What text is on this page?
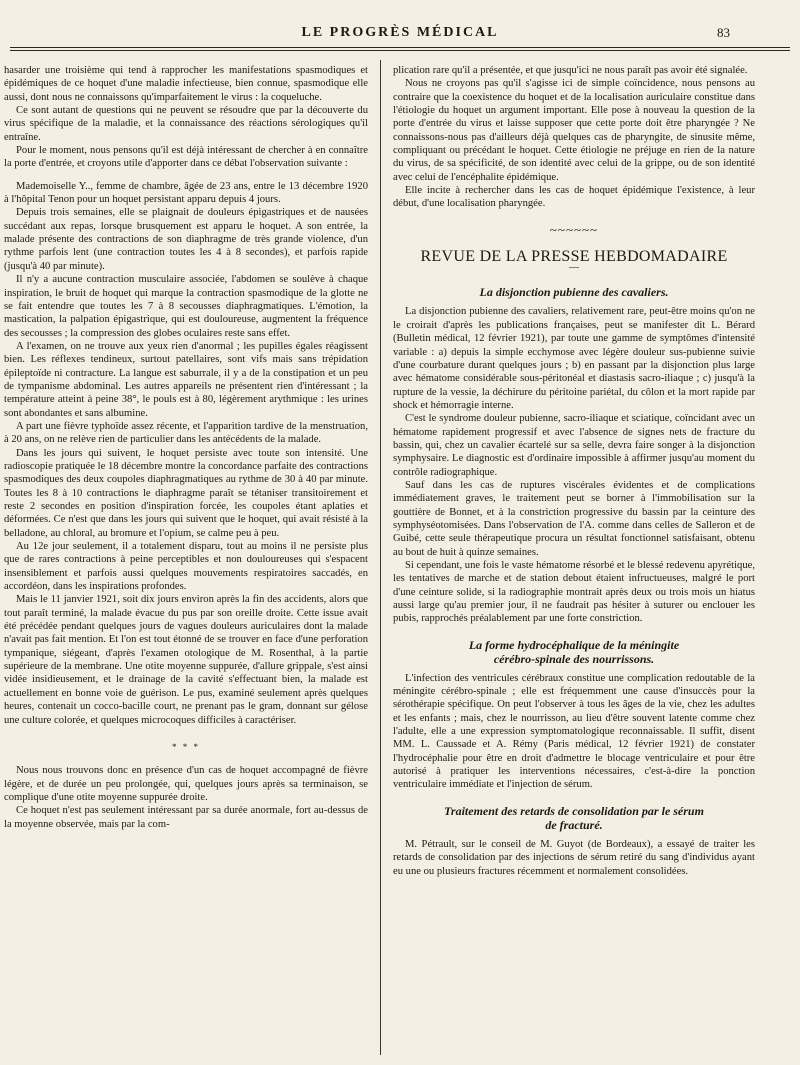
LE PROGRÈS MÉDICAL	83

hasarder une troisième qui tend à rapprocher les manifestations spasmodiques et épidémiques de ce hoquet d'une maladie infectieuse, bien connue, spasmodique elle aussi, dont nous ne connaissons qu'imparfaitement le virus : la coqueluche.

Ce sont autant de questions qui ne peuvent se résoudre que par la découverte du virus spécifique de la maladie, et la connaissance des réactions sérologiques qu'il entraîne.

Pour le moment, nous pensons qu'il est déjà intéressant de chercher à en connaître la porte d'entrée, et croyons utile d'apporter dans ce débat l'observation suivante :

Mademoiselle Y.., femme de chambre, âgée de 23 ans, entre le 13 décembre 1920 à l'hôpital Tenon pour un hoquet persistant apparu depuis 4 jours.

Depuis trois semaines, elle se plaignait de douleurs épigastriques et de nausées succédant aux repas, lorsque brusquement est apparu le hoquet. A son entrée, la malade présente des contractions de son diaphragme de très grande violence, d'un rythme parfois lent (une contraction toutes les 4 à 8 secondes), et parfois rapide (jusqu'à 40 par minute).

Il n'y a aucune contraction musculaire associée, l'abdomen se soulève à chaque inspiration, le bruit de hoquet qui marque la contraction spasmodique de la glotte ne se fait entendre que toutes les 7 à 8 secousses diaphragmatiques. L'émotion, la mastication, la palpation épigastrique, qui est douloureuse, augmentent la fréquence des secousses ; la compression des globes oculaires reste sans effet.

A l'examen, on ne trouve aux yeux rien d'anormal ; les pupilles égales réagissent bien. Les réflexes tendineux, surtout patellaires, sont vifs mais sans trépidation épileptoïde ni contracture. La langue est saburrale, il y a de la constipation et un peu de tympanisme abdominal. Les autres appareils ne présentent rien d'intéressant ; la température atteint à peine 38°, le pouls est à 80, légèrement arythmique : les urines sont abondantes et sans albumine.

A part une fièvre typhoïde assez récente, et l'apparition tardive de la menstruation, à 20 ans, on ne relève rien de particulier dans les antécédents de la malade.

Dans les jours qui suivent, le hoquet persiste avec toute son intensité. Une radioscopie pratiquée le 18 décembre montre la concordance parfaite des contractions spasmodiques des deux coupoles diaphragmatiques au rythme de 30 à 40 par minute. Toutes les 8 à 10 contractions le diaphragme paraît se tétaniser transitoirement et reste 2 secondes en position d'inspiration forcée, les coupoles étant aplaties et déformées. Ce n'est que dans les jours qui suivent que le hoquet, qui avait résisté à la belladone, au chloral, au bromure et l'opium, se calme peu à peu.

Au 12e jour seulement, il a totalement disparu, tout au moins il ne persiste plus que de rares contractions à peine perceptibles et non douloureuses qui s'espacent insensiblement et parfois aussi quelques mouvements respiratoires saccadés, en accordéon, dans les inspirations profondes.

Mais le 11 janvier 1921, soit dix jours environ après la fin des accidents, alors que tout paraît terminé, la malade évacue du pus par son oreille droite. Cette issue avait été précédée pendant quelques jours de vagues douleurs auriculaires dont la malade n'avait pas fait mention. Et l'on est tout étonné de se trouver en face d'une perforation tympanique, siégeant, d'après l'examen otologique de M. Rosenthal, à la partie supérieure de la membrane. Une otite moyenne suppurée, d'allure grippale, s'est ainsi vidée insidieusement, et le drainage de la cavité s'effectuant bien, la malade est actuellement en bonne voie de guérison. Le pus, examiné seulement après quelques heures, contenait un cocco-bacille court, ne prenant pas le gram, donnant sur gélose une culture colorée, et quelques microcoques difficiles à caractériser.

* * *

Nous nous trouvons donc en présence d'un cas de hoquet accompagné de fièvre légère, et de durée un peu prolongée, qui, quelques jours après sa terminaison, se complique d'une otite moyenne suppurée droite.

Ce hoquet n'est pas seulement intéressant par sa durée anormale, fort au-dessus de la moyenne observée, mais par la com-

plication rare qu'il a présentée, et que jusqu'ici ne nous paraît pas avoir été signalée.

Nous ne croyons pas qu'il s'agisse ici de simple coïncidence, nous pensons au contraire que la coexistence du hoquet et de la localisation auriculaire constitue dans l'étiologie du hoquet un argument important. Elle pose à nouveau la question de la porte d'entrée du virus et laisse supposer que cette porte doit être pharyngée ? Ne connaissons-nous pas d'ailleurs déjà quelques cas de pharyngite, de sinusite même, compliquant ou précédant le hoquet. Cette étiologie ne préjuge en rien de la nature du virus, de sa spécificité, de son identité avec celui de la grippe, ou de son identité avec celui de l'encéphalite épidémique.

Elle incite à rechercher dans les cas de hoquet épidémique l'existence, à leur début, d'une localisation pharyngée.

~~~~~~
REVUE DE LA PRESSE HEBDOMADAIRE
—
La disjonction pubienne des cavaliers.

La disjonction pubienne des cavaliers, relativement rare, peut-être moins qu'on ne le croirait d'après les publications françaises, peut se manifester dit L. Bérard (Bulletin médical, 12 février 1921), par toute une gamme de symptômes d'intensité variable : a) depuis la simple ecchymose avec légère douleur sus-pubienne suivie d'une courbature durant quelques jours ; b) en passant par la disjonction plus large avec hématome considérable sous-péritonéal et diastasis sacro-iliaque ; c) jusqu'à la rupture de la vessie, la déchirure du péritoine pariétal, du côlon et la mort rapide par shock et hémorragie interne.

C'est le syndrome douleur pubienne, sacro-iliaque et sciatique, coïncidant avec un hématome rapidement progressif et avec l'absence de signes nets de fracture du bassin, qui, chez un cavalier écartelé sur sa selle, devra faire songer à la disjonction symphysaire. Le diagnostic est d'ordinaire impossible à affirmer jusqu'au moment du contrôle radiographique.

Sauf dans les cas de ruptures viscérales évidentes et de complications immédiatement graves, le traitement peut se borner à l'immobilisation sur la gouttière de Bonnet, et à la constriction progressive du bassin par la ceinture des symphyséotomisées. Dans l'observation de l'A. comme dans celles de Salleron et de Guibé, cette seule thérapeutique procura un résultat fonctionnel satisfaisant, obtenu au bout de huit à quinze semaines.

Si cependant, une fois le vaste hématome résorbé et le blessé redevenu apyrétique, les tentatives de marche et de station debout étaient infructueuses, malgré le port d'une ceinture solide, si la radiographie montrait après deux ou trois mois un hiatus aussi large qu'au premier jour, il ne faudrait pas hésiter à suturer ou enclouer les pubis, rapprochés préalablement par une forte constriction.

La forme hydrocéphalique de la méningite
cérébro-spinale des nourrissons.

L'infection des ventricules cérébraux constitue une complication redoutable de la méningite cérébro-spinale ; elle est fréquemment une cause d'insuccès pour la sérothérapie spécifique. On peut l'observer à tous les âges de la vie, chez les adultes et les enfants ; mais, chez le nourrisson, au lieu d'être souvent latente comme chez l'adulte, elle a une expression symptomatologique reconnaissable. Il suffit, disent MM. L. Caussade et A. Rémy (Paris médical, 12 février 1921) de constater l'hydrocéphalie pour être en droit d'admettre le blocage ventriculaire et pour être autorisé à pratiquer les interventions nécessaires, c'est-à-dire la ponction ventriculaire immédiate et l'injection de sérum.

Traitement des retards de consolidation par le sérum
de fracturé.

M. Pétrault, sur le conseil de M. Guyot (de Bordeaux), a essayé de traiter les retards de consolidation par des injections de sérum retiré du sang d'individus ayant eu une ou plusieurs fractures récemment et normalement consolidées.
